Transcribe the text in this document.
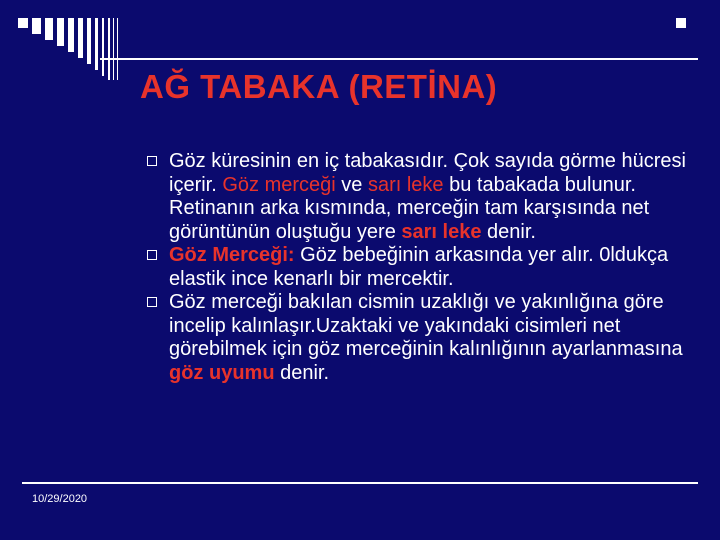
AĞ TABAKA (RETİNA)
Göz küresinin en iç tabakasıdır. Çok sayıda görme hücresi içerir. Göz merceği ve sarı leke bu tabakada bulunur. Retinanın arka kısmında, merceğin tam karşısında net görüntünün oluştuğu yere sarı leke denir.
Göz Merceği: Göz bebeğinin arkasında yer alır. 0ldukça elastik ince kenarlı bir mercektir.
Göz merceği bakılan cismin uzaklığı ve yakınlığına göre incelip kalınlaşır.Uzaktaki ve yakındaki cisimleri net görebilmek için göz merceğinin kalınlığının ayarlanmasına göz uyumu denir.
10/29/2020
